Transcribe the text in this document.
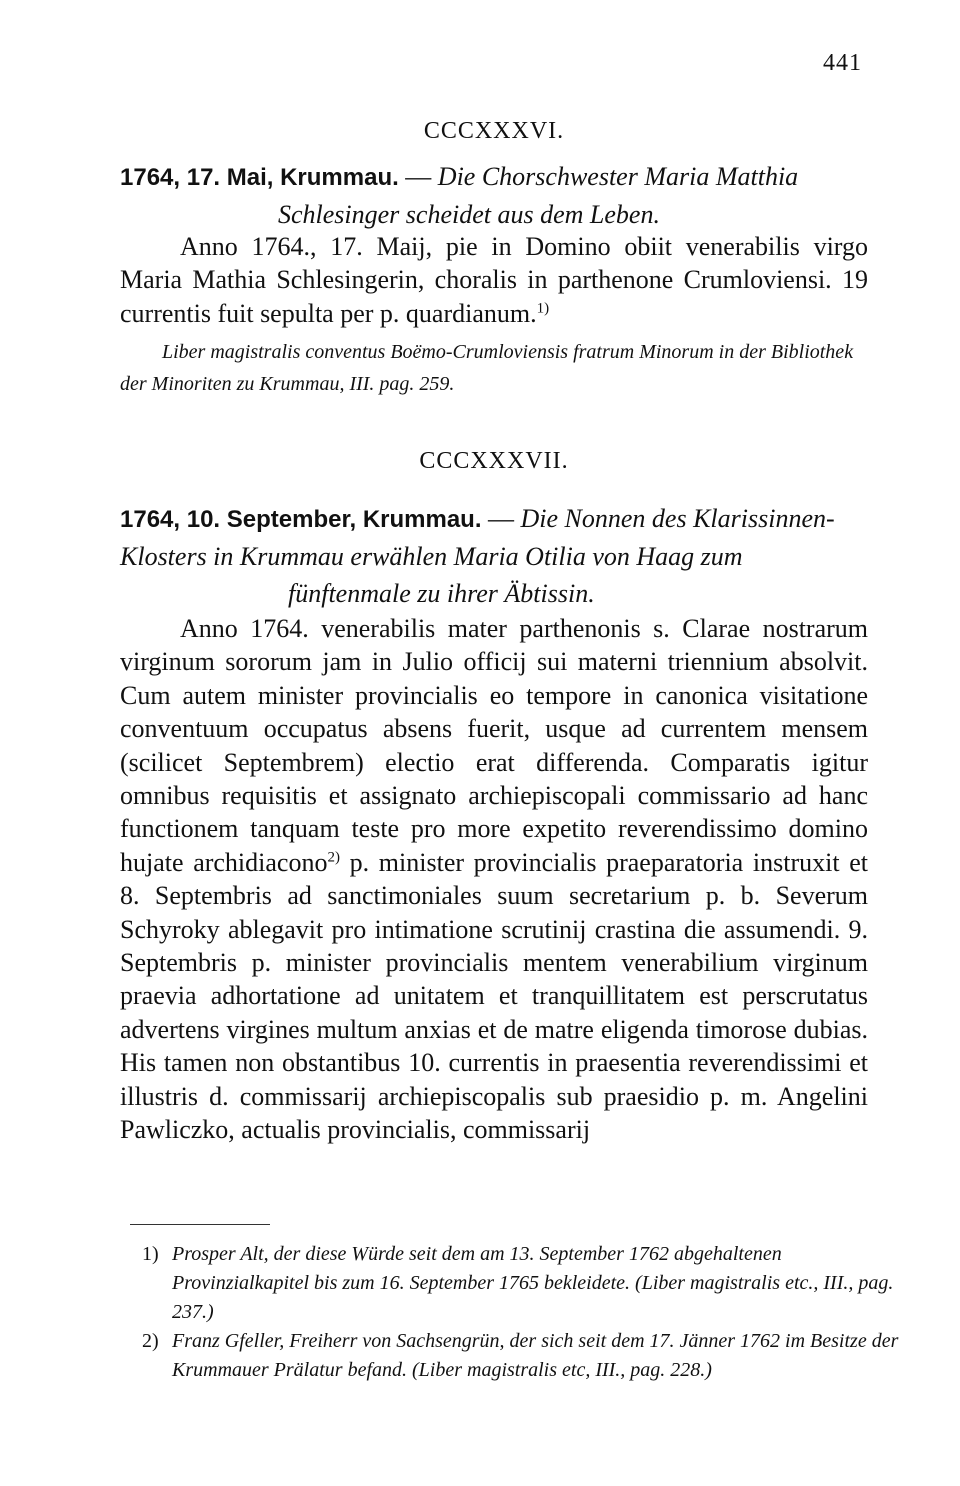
441
CCCXXXVI.
1764, 17. Mai, Krummau. — Die Chorschwester Maria Matthia
Schlesinger scheidet aus dem Leben.

Anno 1764., 17. Maij, pie in Domino obiit venerabilis virgo Maria Mathia Schlesingerin, choralis in parthenone Crumloviensi. 19 currentis fuit sepulta per p. quardianum.$^{1)}$

Liber magistralis conventus Boëmo-Crumloviensis fratrum Minorum in der Bibliothek der Minoriten zu Krummau, III. pag. 259.

CCCXXXVII.
1764, 10. September, Krummau. — Die Nonnen des Klarissinnen-Klosters in Krummau erwählen Maria Otilia von Haag zum
fünftenmale zu ihrer Äbtissin.

Anno 1764. venerabilis mater parthenonis s. Clarae nostrarum virginum sororum jam in Julio officij sui materni triennium absolvit. Cum autem minister provincialis eo tempore in canonica visitatione conventuum occupatus absens fuerit, usque ad currentem mensem (scilicet Septembrem) electio erat differenda. Comparatis igitur omnibus requisitis et assignato archiepiscopali commissario ad hanc functionem tanquam teste pro more expetito reverendissimo domino hujate archidiacono$^{2)}$ p. minister provincialis praeparatoria instruxit et 8. Septembris ad sanctimoniales suum secretarium p. b. Severum Schyroky ablegavit pro intimatione scrutinij crastina die assumendi. 9. Septembris p. minister provincialis mentem venerabilium virginum praevia adhortatione ad unitatem et tranquillitatem est perscrutatus advertens virgines multum anxias et de matre eligenda timorose dubias. His tamen non obstantibus 10. currentis in praesentia reverendissimi et illustris d. commissarij archiepiscopalis sub praesidio p. m. Angelini Pawliczko, actualis provincialis, commissarij

1) Prosper Alt, der diese Würde seit dem am 13. September 1762 abgehaltenen Provinzialkapitel bis zum 16. September 1765 bekleidete. (Liber magistralis etc., III., pag. 237.)

2) Franz Gfeller, Freiherr von Sachsengrün, der sich seit dem 17. Jänner 1762 im Besitze der Krummauer Prälatur befand. (Liber magistralis etc, III., pag. 228.)
